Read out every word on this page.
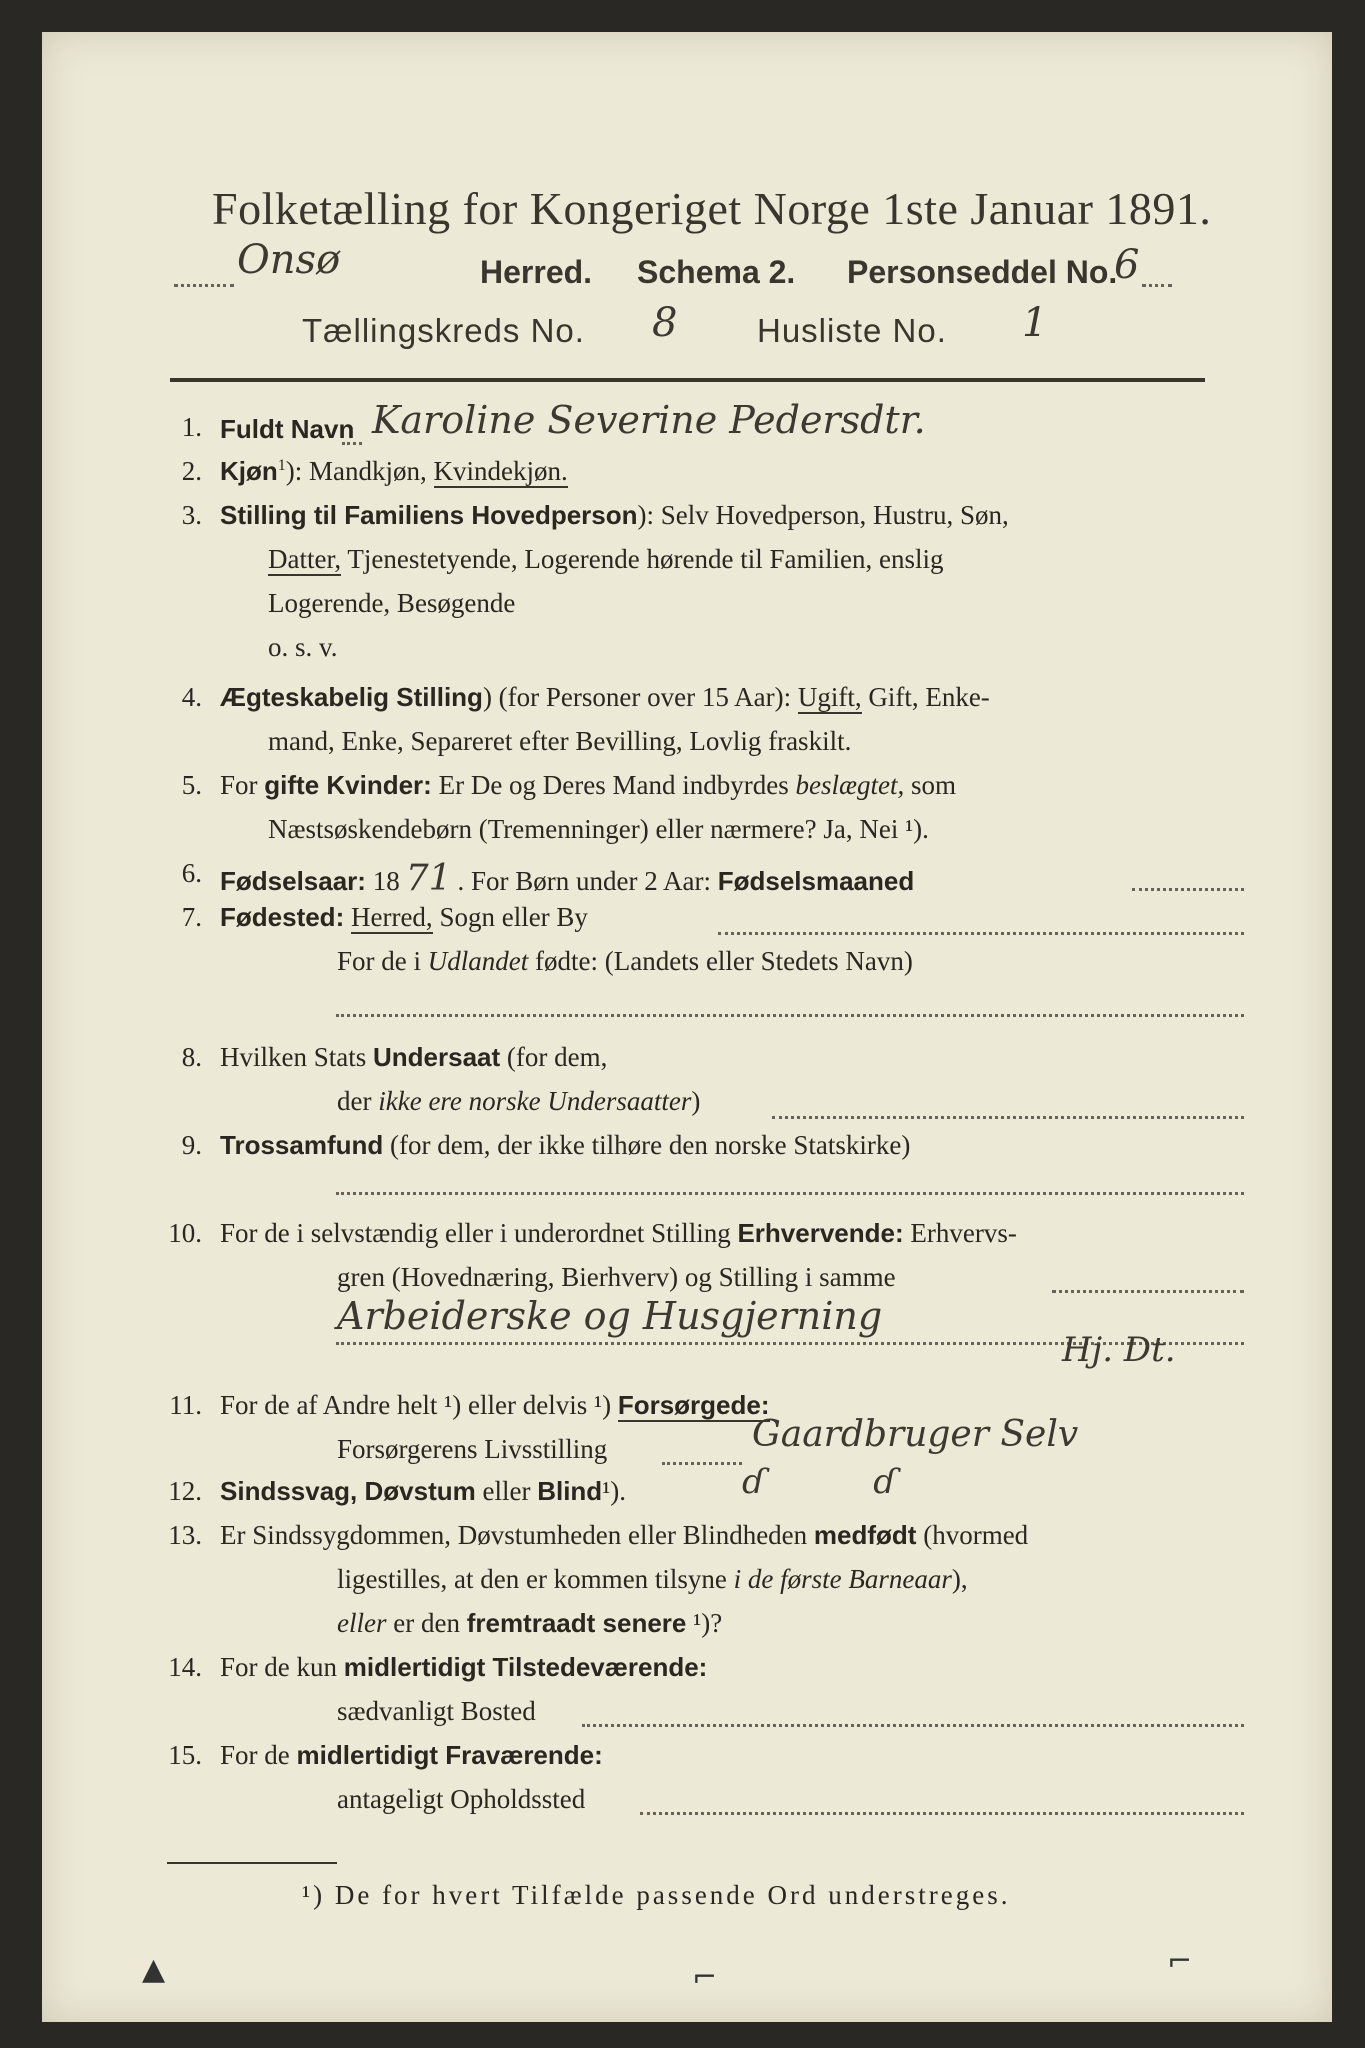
Folketælling for Kongeriget Norge 1ste Januar 1891.
Onsø	Herred. Schema 2. Personseddel No.
6
Tællingskreds No. 8 Husliste No. 1
1. Fuldt Navn Karoline Severine Pedersdtr.
2. Kjøn$^1$): Mandkjøn, Kvindekjøn.
3. Stilling til Familiens Hovedperson): Selv Hovedperson, Hustru, Søn,
Datter, Tjenestetyende, Logerende hørende til Familien, enslig
Logerende, Besøgende
o. s. v.
4. Ægteskabelig Stilling) (for Personer over 15 Aar): Ugift, Gift, Enke-
mand, Enke, Separeret efter Bevilling, Lovlig fraskilt.
5. For gifte Kvinder: Er De og Deres Mand indbyrdes beslægtet, som
Næstsøskendebørn (Tremenninger) eller nærmere? Ja, Nei ¹).
6. Fødselsaar: 18 71 . For Børn under 2 Aar: Fødselsmaaned
7. Fødested: Herred, Sogn eller By
For de i Udlandet fødte: (Landets eller Stedets Navn)
8. Hvilken Stats Undersaat (for dem,
der ikke ere norske Undersaatter)
9. Trossamfund (for dem, der ikke tilhøre den norske Statskirke)
10. For de i selvstændig eller i underordnet Stilling Erhvervende: Erhvervs-
gren (Hovednæring, Bierhverv) og Stilling i samme
Arbeiderske og Husgjerning
Hj. Dt.
11. For de af Andre helt ¹) eller delvis ¹) Forsørgede:
Forsørgerens Livsstilling	Gaardbruger Selv
12. Sindssvag, Døvstum eller Blind¹).	ɗ          ɗ
13. Er Sindssygdommen, Døvstumheden eller Blindheden medfødt (hvormed
ligestilles, at den er kommen tilsyne i de første Barneaar),
eller er den fremtraadt senere ¹)?
14. For de kun midlertidigt Tilstedeværende:
sædvanligt Bosted
15. For de midlertidigt Fraværende:
antageligt Opholdssted
¹) De for hvert Tilfælde passende Ord understreges.
▲	⌐	⌐
